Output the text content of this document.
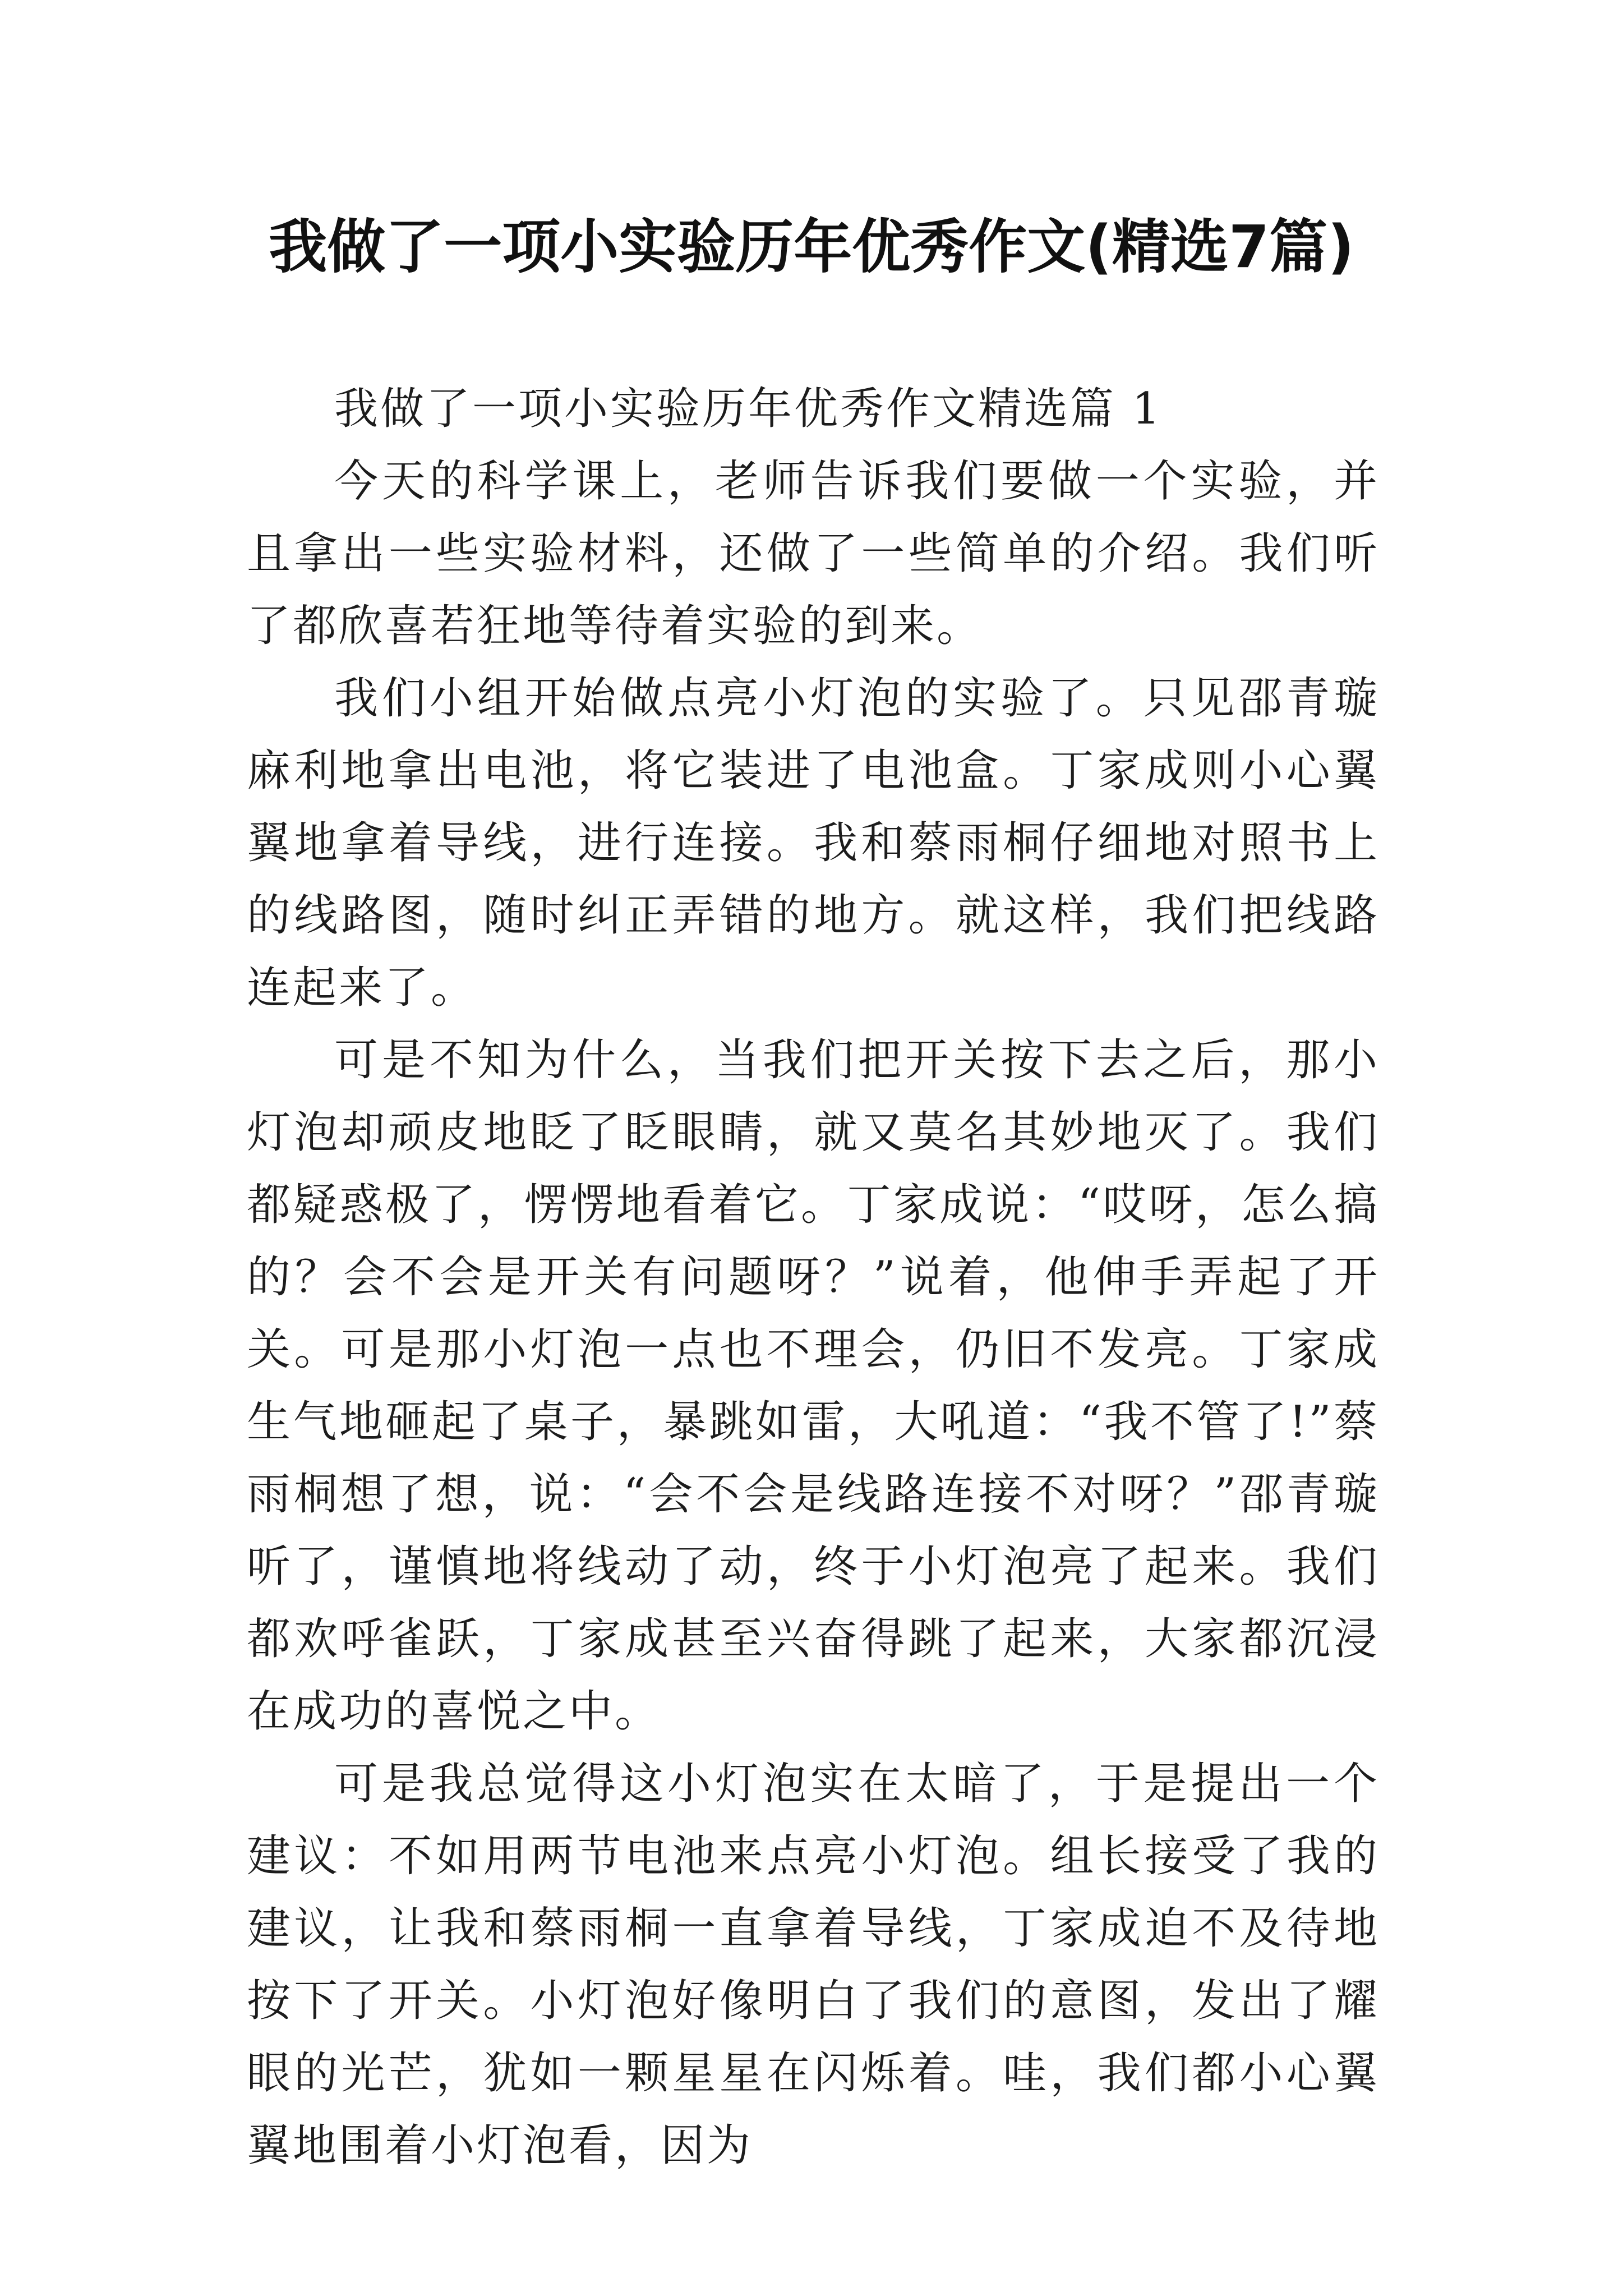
我做了一项小实验历年优秀作文(精选7篇)

我做了一项小实验历年优秀作文精选篇 1

今天的科学课上，老师告诉我们要做一个实验，并且拿出一些实验材料，还做了一些简单的介绍。我们听了都欣喜若狂地等待着实验的到来。

我们小组开始做点亮小灯泡的实验了。只见邵青璇麻利地拿出电池，将它装进了电池盒。丁家成则小心翼翼地拿着导线，进行连接。我和蔡雨桐仔细地对照书上的线路图，随时纠正弄错的地方。就这样，我们把线路连起来了。

可是不知为什么，当我们把开关按下去之后，那小灯泡却顽皮地眨了眨眼睛，就又莫名其妙地灭了。我们都疑惑极了，愣愣地看着它。丁家成说：“哎呀，怎么搞的？会不会是开关有问题呀？”说着，他伸手弄起了开关。可是那小灯泡一点也不理会，仍旧不发亮。丁家成生气地砸起了桌子，暴跳如雷，大吼道：“我不管了!”蔡雨桐想了想，说：“会不会是线路连接不对呀？”邵青璇听了，谨慎地将线动了动，终于小灯泡亮了起来。我们都欢呼雀跃，丁家成甚至兴奋得跳了起来，大家都沉浸在成功的喜悦之中。

可是我总觉得这小灯泡实在太暗了，于是提出一个建议：不如用两节电池来点亮小灯泡。组长接受了我的建议，让我和蔡雨桐一直拿着导线，丁家成迫不及待地按下了开关。小灯泡好像明白了我们的意图，发出了耀眼的光芒，犹如一颗星星在闪烁着。哇，我们都小心翼翼地围着小灯泡看，因为
